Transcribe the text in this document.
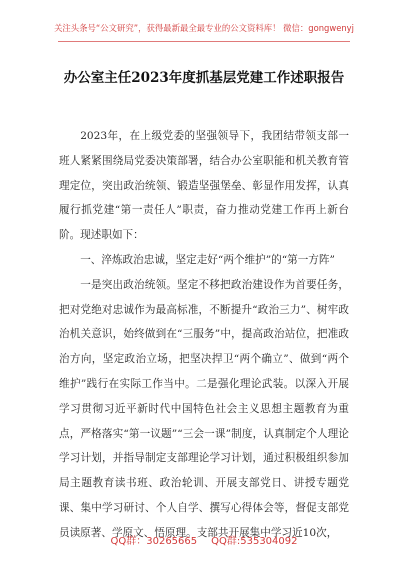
关注头条号“公文研究”，获得最新最全最专业的公文资料库！ 微信：gongwenyj
办公室主任2023年度抓基层党建工作述职报告

2023年，在上级党委的坚强领导下，我团结带领支部一班人紧紧围绕局党委决策部署，结合办公室职能和机关教育管理定位，突出政治统领、锻造坚强堡垒、彰显作用发挥，认真履行抓党建“第一责任人”职责，奋力推动党建工作再上新台阶。现述职如下：

一、淬炼政治忠诚，坚定走好“两个维护”的“第一方阵”

一是突出政治统领。坚定不移把政治建设作为首要任务，把对党绝对忠诚作为最高标准，不断提升“政治三力”、树牢政治机关意识，始终做到在“三服务”中，提高政治站位，把准政治方向，坚定政治立场，把坚决捍卫“两个确立”、做到“两个维护”践行在实际工作当中。二是强化理论武装。以深入开展学习贯彻习近平新时代中国特色社会主义思想主题教育为重点，严格落实“第一议题”“三会一课”制度，认真制定个人理论学习计划，并指导制定支部理论学习计划，通过积极组织参加局主题教育读书班、政治轮训、开展支部党日、讲授专题党课、集中学习研讨、个人自学、撰写心得体会等，督促支部党员读原著、学原文、悟原理。支部共开展集中学习近10次，

QQ群：30265665 QQ群:535304092
